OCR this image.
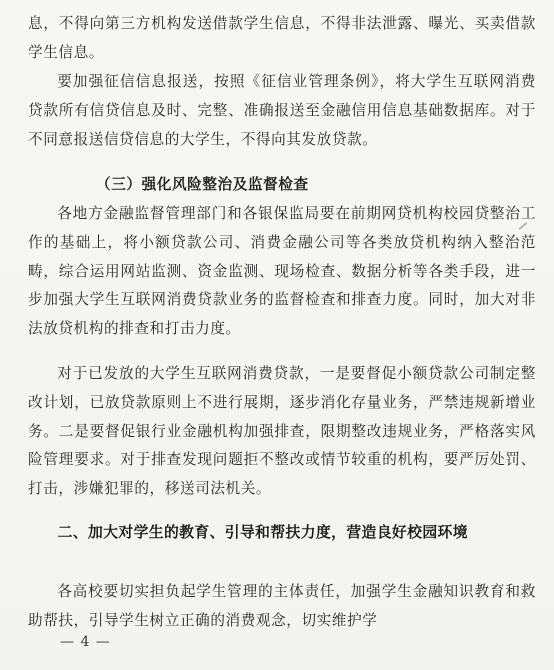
息，不得向第三方机构发送借款学生信息，不得非法泄露、曝光、买卖借款学生信息。

要加强征信信息报送，按照《征信业管理条例》，将大学生互联网消费贷款所有信贷信息及时、完整、准确报送至金融信用信息基础数据库。对于不同意报送信贷信息的大学生，不得向其发放贷款。

（三）强化风险整治及监督检查

各地方金融监督管理部门和各银保监局要在前期网贷机构校园贷整治工作的基础上，将小额贷款公司、消费金融公司等各类放贷机构纳入整治范畴，综合运用网站监测、资金监测、现场检查、数据分析等各类手段，进一步加强大学生互联网消费贷款业务的监督检查和排查力度。同时，加大对非法放贷机构的排查和打击力度。

对于已发放的大学生互联网消费贷款，一是要督促小额贷款公司制定整改计划，已放贷款原则上不进行展期，逐步消化存量业务，严禁违规新增业务。二是要督促银行业金融机构加强排查，限期整改违规业务，严格落实风险管理要求。对于排查发现问题拒不整改或情节较重的机构，要严厉处罚、打击，涉嫌犯罪的，移送司法机关。

二、加大对学生的教育、引导和帮扶力度，营造良好校园环境

各高校要切实担负起学生管理的主体责任，加强学生金融知识教育和救助帮扶，引导学生树立正确的消费观念，切实维护学

— 4 —
